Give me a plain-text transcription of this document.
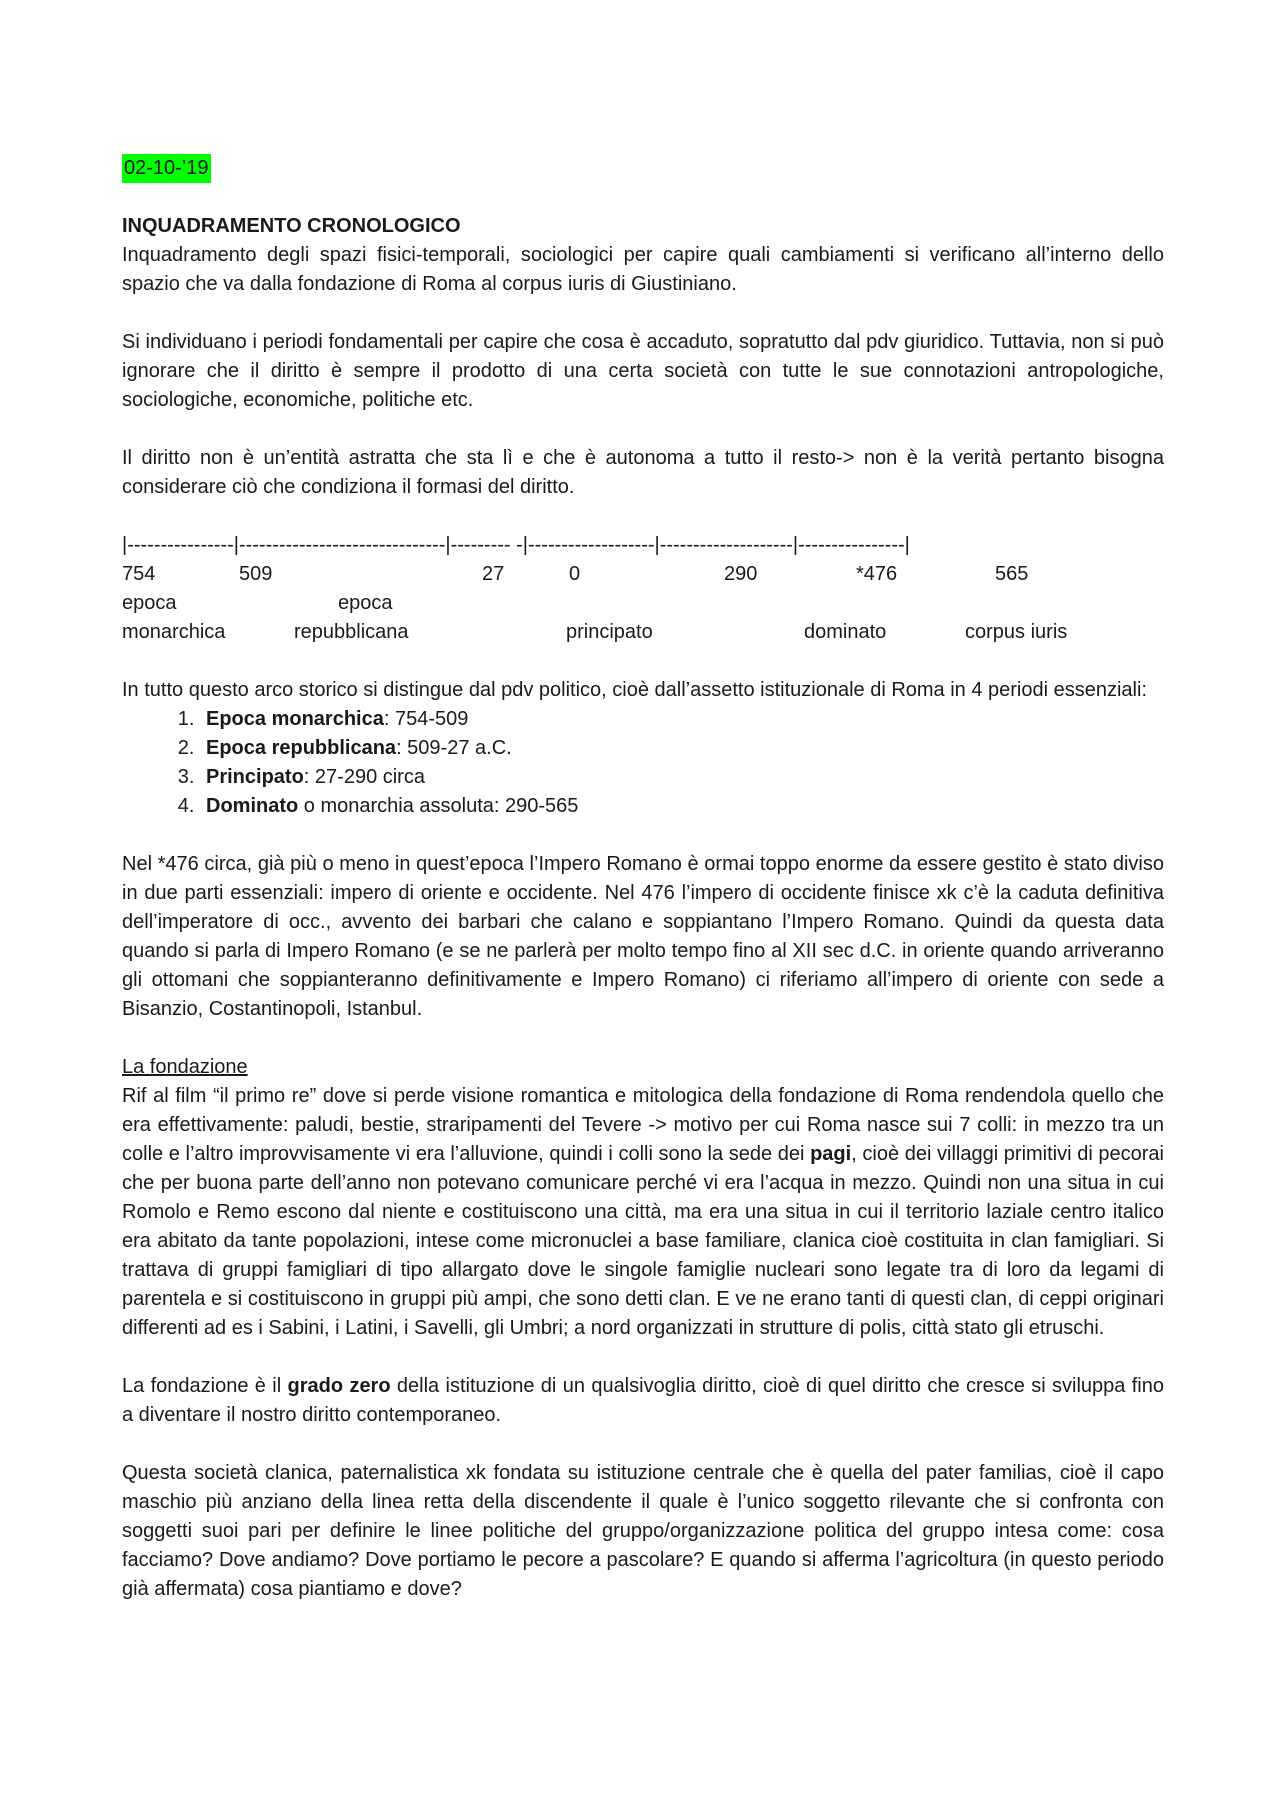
02-10-’19

INQUADRAMENTO CRONOLOGICO

Inquadramento degli spazi fisici-temporali, sociologici per capire quali cambiamenti si verificano all’interno dello spazio che va dalla fondazione di Roma al corpus iuris di Giustiniano.

Si individuano i periodi fondamentali per capire che cosa è accaduto, sopratutto dal pdv giuridico. Tuttavia, non si può ignorare che il diritto è sempre il prodotto di una certa società con tutte le sue connotazioni antropologiche, sociologiche, economiche, politiche etc.

Il diritto non è un’entità astratta che sta lì e che è autonoma a tutto il resto-> non è la verità pertanto bisogna considerare ciò che condiziona il formasi del diritto.

|----------------|-------------------------------|--------- -|-------------------|--------------------|----------------|
754	509	27	0	290	*476	565
epoca	epoca
monarchica	repubblicana	principato	dominato	corpus iuris

In tutto questo arco storico si distingue dal pdv politico, cioè dall’assetto istituzionale di Roma in 4 periodi essenziali:

1. Epoca monarchica: 754-509
2. Epoca repubblicana: 509-27 a.C.
3. Principato: 27-290 circa
4. Dominato o monarchia assoluta: 290-565

Nel *476 circa, già più o meno in quest’epoca l’Impero Romano è ormai toppo enorme da essere gestito è stato diviso in due parti essenziali: impero di oriente e occidente. Nel 476 l’impero di occidente finisce xk c’è la caduta definitiva dell’imperatore di occ., avvento dei barbari che calano e soppiantano l’Impero Romano. Quindi da questa data quando si parla di Impero Romano (e se ne parlerà per molto tempo fino al XII sec d.C. in oriente quando arriveranno gli ottomani che soppianteranno definitivamente e Impero Romano) ci riferiamo all’impero di oriente con sede a Bisanzio, Costantinopoli, Istanbul.

La fondazione

Rif al film “il primo re” dove si perde visione romantica e mitologica della fondazione di Roma rendendola quello che era effettivamente: paludi, bestie, straripamenti del Tevere -> motivo per cui Roma nasce sui 7 colli: in mezzo tra un colle e l’altro improvvisamente vi era l’alluvione, quindi i colli sono la sede dei pagi, cioè dei villaggi primitivi di pecorai che per buona parte dell’anno non potevano comunicare perché vi era l’acqua in mezzo. Quindi non una situa in cui Romolo e Remo escono dal niente e costituiscono una città, ma era una situa in cui il territorio laziale centro italico era abitato da tante popolazioni, intese come micronuclei a base familiare, clanica cioè costituita in clan famigliari. Si trattava di gruppi famigliari di tipo allargato dove le singole famiglie nucleari sono legate tra di loro da legami di parentela e si costituiscono in gruppi più ampi, che sono detti clan. E ve ne erano tanti di questi clan, di ceppi originari differenti ad es i Sabini, i Latini, i Savelli, gli Umbri; a nord organizzati in strutture di polis, città stato gli etruschi.

La fondazione è il grado zero della istituzione di un qualsivoglia diritto, cioè di quel diritto che cresce si sviluppa fino a diventare il nostro diritto contemporaneo.

Questa società clanica, paternalistica xk fondata su istituzione centrale che è quella del pater familias, cioè il capo maschio più anziano della linea retta della discendente il quale è l’unico soggetto rilevante che si confronta con soggetti suoi pari per definire le linee politiche del gruppo/organizzazione politica del gruppo intesa come: cosa facciamo? Dove andiamo? Dove portiamo le pecore a pascolare? E quando si afferma l’agricoltura (in questo periodo già affermata) cosa piantiamo e dove?
